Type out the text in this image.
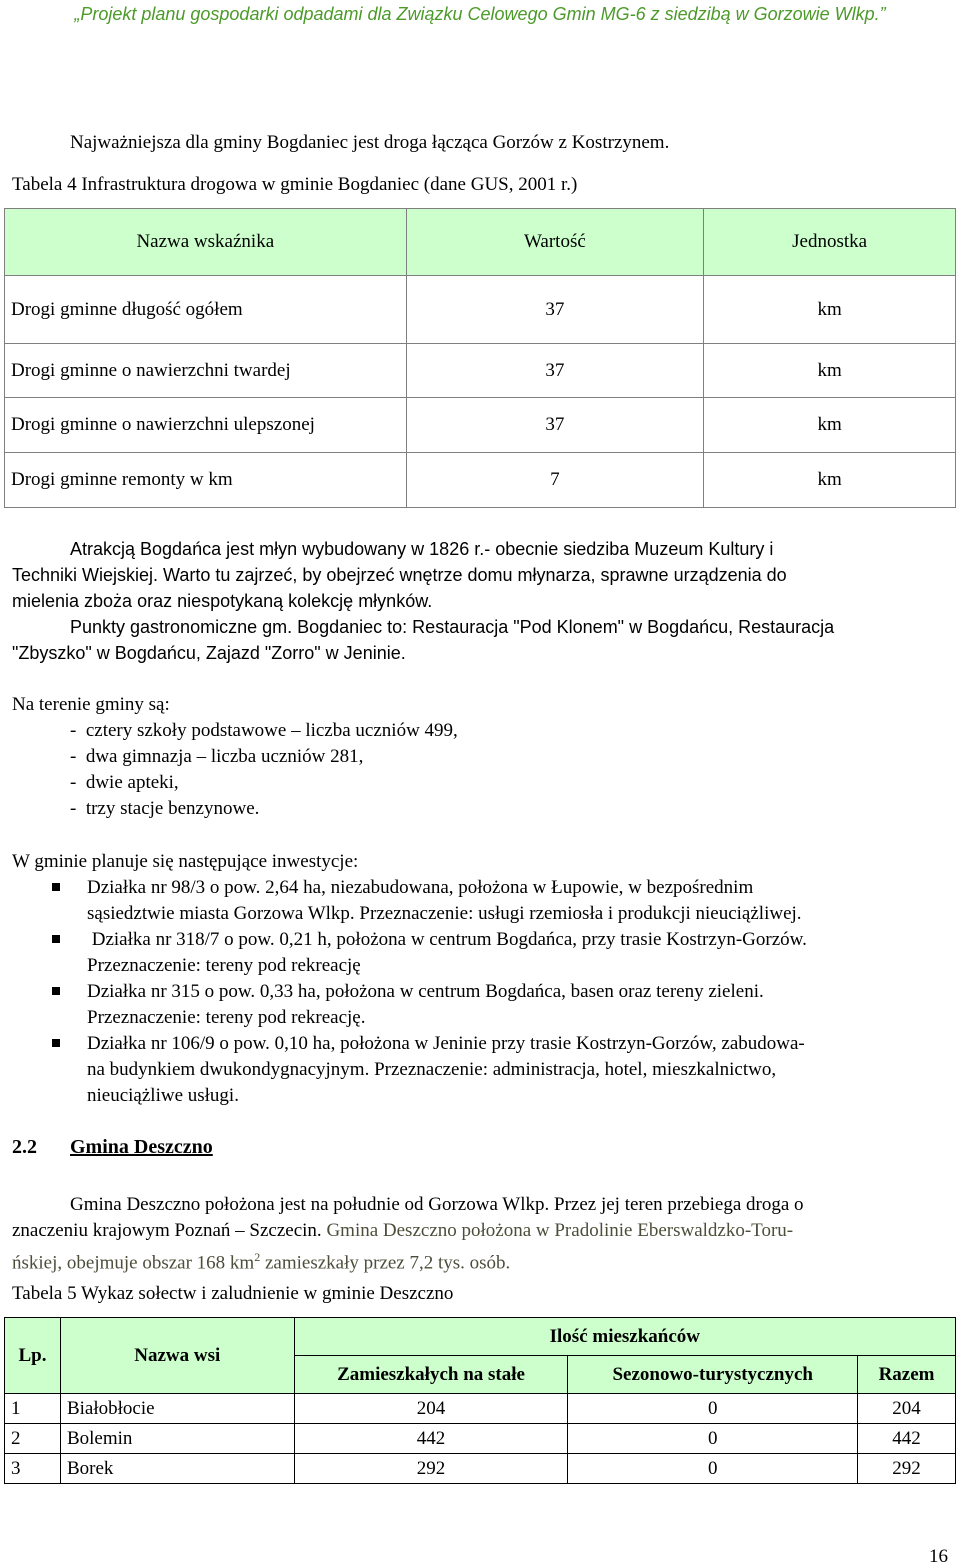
„Projekt planu gospodarki odpadami dla Związku Celowego Gmin MG-6 z siedzibą w Gorzowie Wlkp.”
Najważniejsza dla gminy Bogdaniec jest droga łącząca Gorzów z Kostrzynem.
Tabela 4 Infrastruktura drogowa w gminie Bogdaniec (dane GUS, 2001 r.)
Nazwa wskaźnika	Wartość	Jednostka
Drogi gminne długość ogółem	37	km
Drogi gminne o nawierzchni twardej	37	km
Drogi gminne o nawierzchni ulepszonej	37	km
Drogi gminne remonty w km	7	km
Atrakcją Bogdańca jest młyn wybudowany w 1826 r.- obecnie siedziba Muzeum Kultury i
Techniki Wiejskiej. Warto tu zajrzeć, by obejrzeć wnętrze domu młynarza, sprawne urządzenia do
mielenia zboża oraz niespotykaną kolekcję młynków.
Punkty gastronomiczne gm. Bogdaniec to: Restauracja "Pod Klonem" w Bogdańcu, Restauracja
"Zbyszko" w Bogdańcu, Zajazd "Zorro" w Jeninie.
Na terenie gminy są:
-  cztery szkoły podstawowe – liczba uczniów 499,
-  dwa gimnazja – liczba uczniów 281,
-  dwie apteki,
-  trzy stacje benzynowe.
W gminie planuje się następujące inwestycje:
Działka nr 98/3 o pow. 2,64 ha, niezabudowana, położona w Łupowie, w bezpośrednim
sąsiedztwie miasta Gorzowa Wlkp. Przeznaczenie: usługi rzemiosła i produkcji nieuciążliwej.
Działka nr 318/7 o pow. 0,21 h, położona w centrum Bogdańca, przy trasie Kostrzyn-Gorzów.
Przeznaczenie: tereny pod rekreację
Działka nr 315 o pow. 0,33 ha, położona w centrum Bogdańca, basen oraz tereny zieleni.
Przeznaczenie: tereny pod rekreację.
Działka nr 106/9 o pow. 0,10 ha, położona w Jeninie przy trasie Kostrzyn-Gorzów, zabudowa-
na budynkiem dwukondygnacyjnym. Przeznaczenie: administracja, hotel, mieszkalnictwo,
nieuciążliwe usługi.
2.2 Gmina Deszczno
Gmina Deszczno położona jest na południe od Gorzowa Wlkp. Przez jej teren przebiega droga o
znaczeniu krajowym Poznań – Szczecin. Gmina Deszczno położona w Pradolinie Eberswaldzko-Toru-
ńskiej, obejmuje obszar 168 $km^2$ zamieszkały przez 7,2 tys. osób.
Tabela 5 Wykaz sołectw i zaludnienie w gminie Deszczno
Lp.	Nazwa wsi	Ilość mieszkańców		
		Zamieszkałych na stałe	Sezonowo-turystycznych	Razem
1	Białobłocie	204	0	204
2	Bolemin	442	0	442
3	Borek	292	0	292
16
